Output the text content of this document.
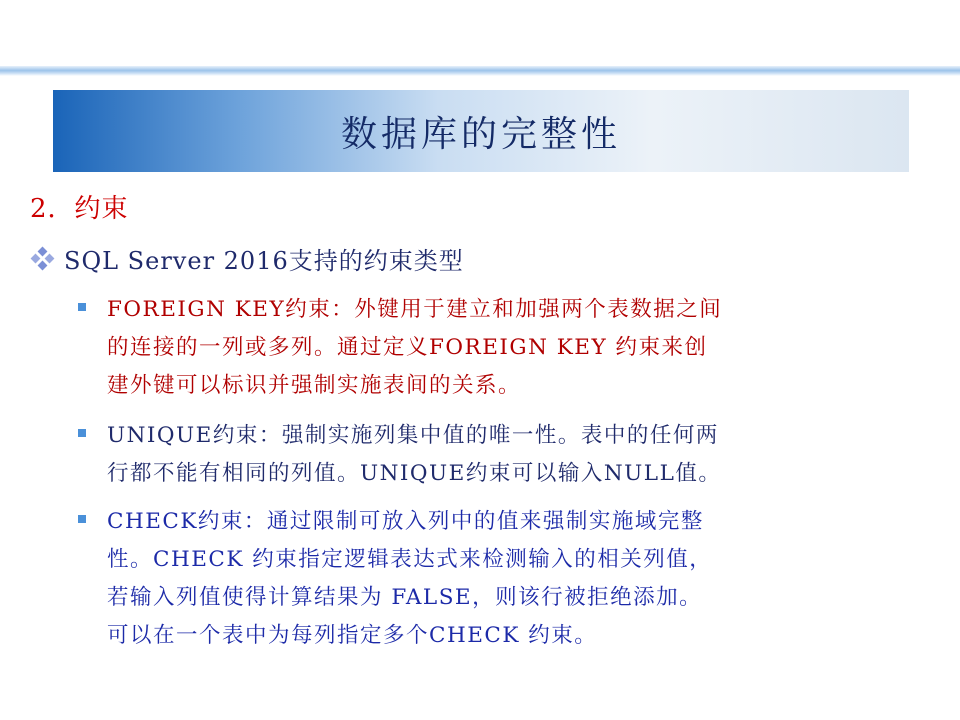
数据库的完整性
2．约束
SQL Server 2016支持的约束类型
FOREIGN KEY约束：外键用于建立和加强两个表数据之间
的连接的一列或多列。通过定义FOREIGN KEY 约束来创
建外键可以标识并强制实施表间的关系。
UNIQUE约束：强制实施列集中值的唯一性。表中的任何两
行都不能有相同的列值。UNIQUE约束可以输入NULL值。
CHECK约束：通过限制可放入列中的值来强制实施域完整
性。CHECK 约束指定逻辑表达式来检测输入的相关列值，
若输入列值使得计算结果为 FALSE，则该行被拒绝添加。
可以在一个表中为每列指定多个CHECK 约束。
